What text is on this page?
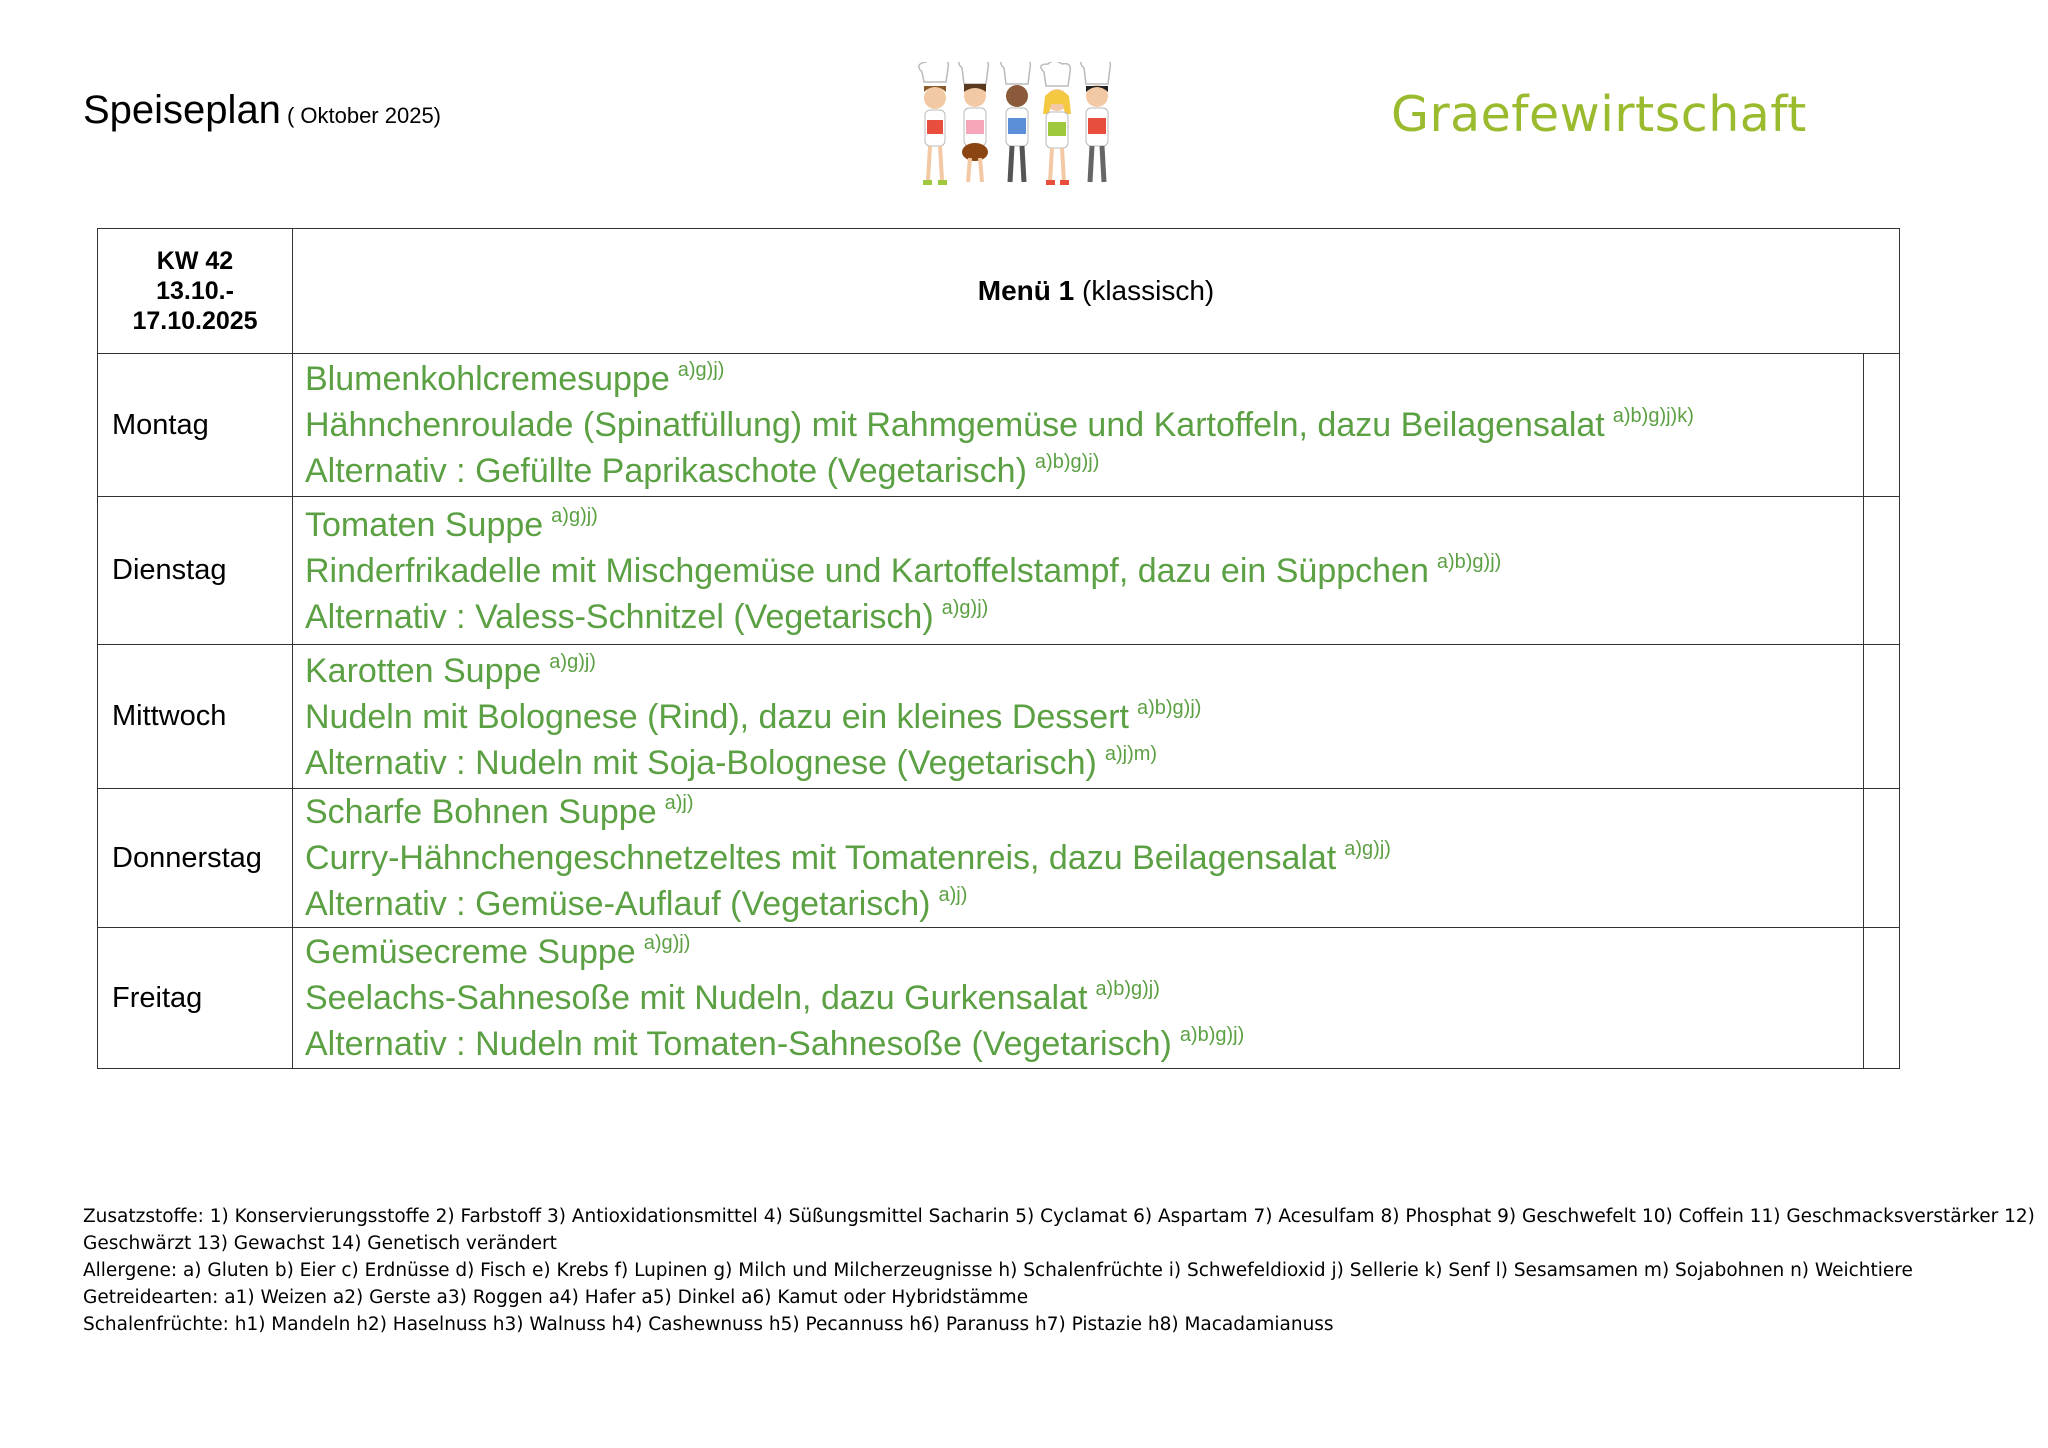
Speiseplan ( Oktober 2025)	Graefewirtschaft
KW 42
13.10.-
17.10.2025	Menü 1 (klassisch)	
Montag	Blumenkohlcremesuppe $^{a)g)j)}$
Hähnchenroulade (Spinatfüllung) mit Rahmgemüse und Kartoffeln, dazu Beilagensalat $^{a)b)g)j)k)}$
Alternativ : Gefüllte Paprikaschote (Vegetarisch) $^{a)b)g)j)}$

Dienstag	Tomaten Suppe $^{a)g)j)}$
Rinderfrikadelle mit Mischgemüse und Kartoffelstampf, dazu ein Süppchen $^{a)b)g)j)}$
Alternativ : Valess-Schnitzel (Vegetarisch) $^{a)g)j)}$

Mittwoch	Karotten Suppe $^{a)g)j)}$
Nudeln mit Bolognese (Rind), dazu ein kleines Dessert $^{a)b)g)j)}$
Alternativ : Nudeln mit Soja-Bolognese (Vegetarisch) $^{a)j)m)}$

Donnerstag	Scharfe Bohnen Suppe $^{a)j)}$
Curry-Hähnchengeschnetzeltes mit Tomatenreis, dazu Beilagensalat $^{a)g)j)}$
Alternativ : Gemüse-Auflauf (Vegetarisch) $^{a)j)}$

Freitag	Gemüsecreme Suppe $^{a)g)j)}$
Seelachs-Sahnesoße mit Nudeln, dazu Gurkensalat $^{a)b)g)j)}$
Alternativ : Nudeln mit Tomaten-Sahnesoße (Vegetarisch) $^{a)b)g)j)}$

Zusatzstoffe: 1) Konservierungsstoffe 2) Farbstoff 3) Antioxidationsmittel 4) Süßungsmittel Sacharin 5) Cyclamat 6) Aspartam 7) Acesulfam 8) Phosphat 9) Geschwefelt 10) Coffein 11) Geschmacksverstärker 12)
Geschwärzt 13) Gewachst 14) Genetisch verändert
Allergene: a) Gluten b) Eier c) Erdnüsse d) Fisch e) Krebs f) Lupinen g) Milch und Milcherzeugnisse h) Schalenfrüchte i) Schwefeldioxid j) Sellerie k) Senf l) Sesamsamen m) Sojabohnen n) Weichtiere
Getreidearten: a1) Weizen a2) Gerste a3) Roggen a4) Hafer a5) Dinkel a6) Kamut oder Hybridstämme
Schalenfrüchte: h1) Mandeln h2) Haselnuss h3) Walnuss h4) Cashewnuss h5) Pecannuss h6) Paranuss h7) Pistazie h8) Macadamianuss
